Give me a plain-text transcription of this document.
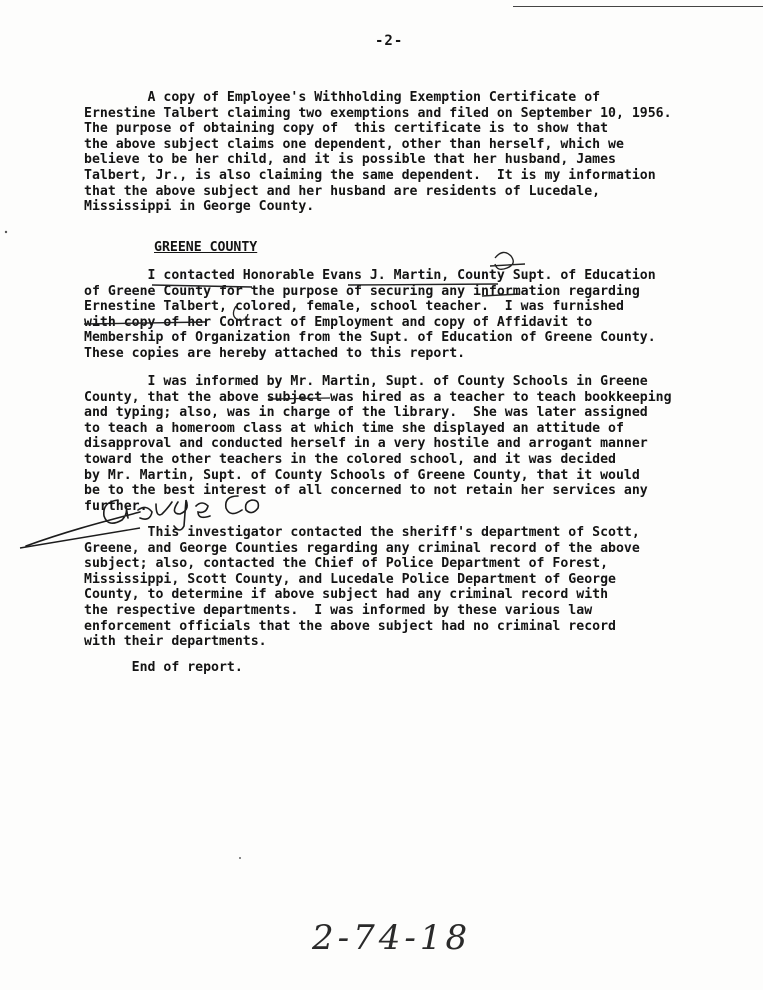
-2-
A copy of Employee's Withholding Exemption Certificate of
Ernestine Talbert claiming two exemptions and filed on September 10, 1956.
The purpose of obtaining copy of  this certificate is to show that
the above subject claims one dependent, other than herself, which we
believe to be her child, and it is possible that her husband, James
Talbert, Jr., is also claiming the same dependent.  It is my information
that the above subject and her husband are residents of Lucedale,
Mississippi in George County.
GREENE COUNTY
I contacted Honorable Evans J. Martin, County Supt. of Education
of Greene County for the purpose of securing any information regarding
Ernestine Talbert, colored, female, school teacher.  I was furnished
with copy of her Contract of Employment and copy of Affidavit to
Membership of Organization from the Supt. of Education of Greene County.
These copies are hereby attached to this report.
I was informed by Mr. Martin, Supt. of County Schools in Greene
County, that the above subject was hired as a teacher to teach bookkeeping
and typing; also, was in charge of the library.  She was later assigned
to teach a homeroom class at which time she displayed an attitude of
disapproval and conducted herself in a very hostile and arrogant manner
toward the other teachers in the colored school, and it was decided
by Mr. Martin, Supt. of County Schools of Greene County, that it would
be to the best interest of all concerned to not retain her services any
further.
This investigator contacted the sheriff's department of Scott,
Greene, and George Counties regarding any criminal record of the above
subject; also, contacted the Chief of Police Department of Forest,
Mississippi, Scott County, and Lucedale Police Department of George
County, to determine if above subject had any criminal record with
the respective departments.  I was informed by these various law
enforcement officials that the above subject had no criminal record
with their departments.
End of report.
2-74-18
